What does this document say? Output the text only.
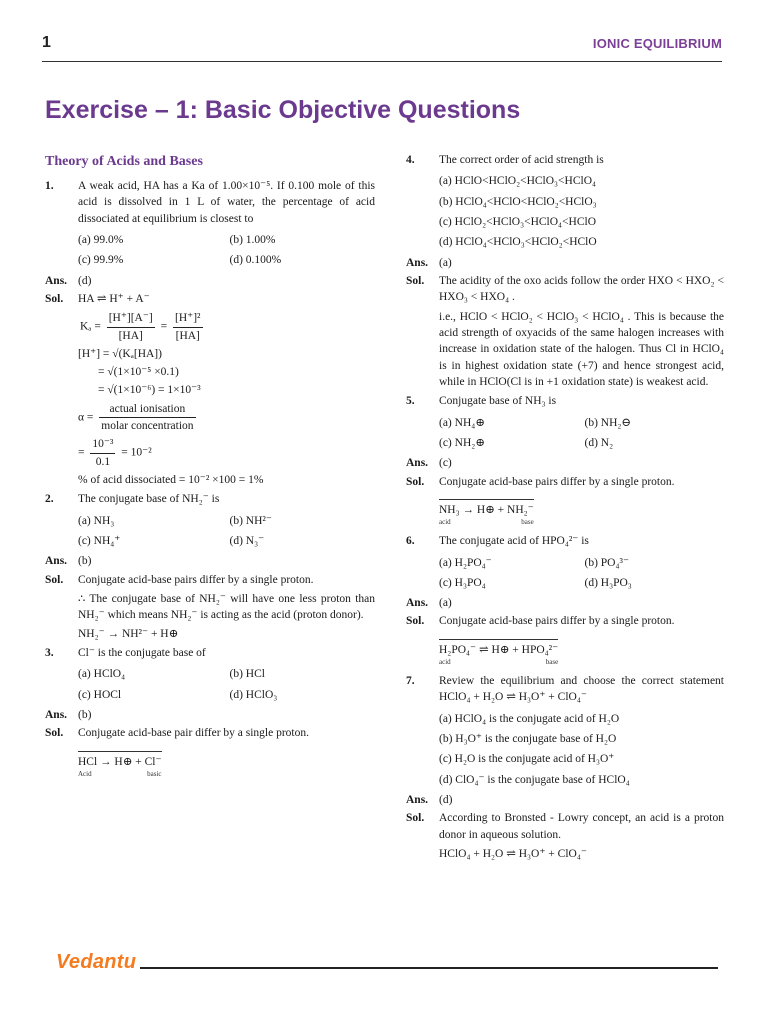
1	IONIC EQUILIBRIUM
Exercise – 1: Basic Objective Questions
Theory of Acids and Bases
1. A weak acid, HA has a Ka of 1.00×10⁻⁵. If 0.100 mole of this acid is dissolved in 1 L of water, the percentage of acid dissociated at equilibrium is closest to

(a) 99.0%	(b) 1.00%
(c) 99.9%	(d) 0.100%
Ans. (d)
Sol.	HA ⇌ H⁺ + A⁻
$K_a = \frac{[H^+][A^-]}{[HA]} = \frac{\text{[H⁺]²}}{[HA]}$
[H⁺] = √(Kₐ[HA])
= √(1×10⁻⁵ ×0.1)
= √(1×10⁻⁶) = 1×10⁻³
$\alpha = \frac{\text{actual ionisation}}{\text{molar concentration}}$
= $\frac{\text{10⁻³}}{0.1} = 10^{-2}$
% of acid dissociated = 10⁻² ×100 = 1%
2. The conjugate base of NH₂⁻ is

(a) NH₃	(b) NH²⁻
(c) NH₄⁺	(d) N₃⁻
Ans. (b)
Sol.	Conjugate acid-base pairs differ by a single proton.
∴ The conjugate base of NH₂⁻ will have one less proton than NH₂⁻ which means NH₂⁻ is acting as the acid (proton donor).
NH₂⁻ → NH²⁻ + H⊕
3. Cl⁻ is the conjugate base of

(a) HClO₄	(b) HCl
(c) HOCl	(d) HClO₃
Ans. (b)
Sol.	Conjugate acid-base pair differ by a single proton.
HCl → H⊕ + Cl⁻
Acid	basic
4. The correct order of acid strength is

(a) HClO<HClO₂<HClO₃<HClO₄
(b) HClO₄<HClO<HClO₂<HClO₃
(c) HClO₂<HClO₃<HClO₄<HClO
(d) HClO₄<HClO₃<HClO₂<HClO
Ans. (a)
Sol.	The acidity of the oxo acids follow the order HXO < HXO₂ < HXO₃ < HXO₄ .
i.e., HClO < HClO₂ < HClO₃ < HClO₄ . This is because the acid strength of oxyacids of the same halogen increases with increase in oxidation state of the halogen. Thus Cl in HClO₄ is in highest oxidation state (+7) and hence strongest acid, while in HClO(Cl is in +1 oxidation state) is weakest acid.
5. Conjugate base of NH₃ is

(a) NH₄⊕	(b) NH₂⊖
(c) NH₂⊕	(d) N₂
Ans. (c)
Sol.	Conjugate acid-base pairs differ by a single proton.
NH₃ → H⊕ + NH₂⁻
acid	base
6. The conjugate acid of HPO₄²⁻ is

(a) H₂PO₄⁻	(b) PO₄³⁻
(c) H₃PO₄	(d) H₃PO₃
Ans. (a)
Sol.	Conjugate acid-base pairs differ by a single proton.
H₂PO₄⁻ ⇌ H⊕ + HPO₄²⁻
acid	base
7. Review the equilibrium and choose the correct statement HClO₄ + H₂O ⇌ H₃O⁺ + ClO₄⁻

(a) HClO₄ is the conjugate acid of H₂O
(b) H₃O⁺ is the conjugate base of H₂O
(c) H₂O is the conjugate acid of H₃O⁺
(d) ClO₄⁻ is the conjugate base of HClO₄
Ans. (d)
Sol.	According to Bronsted - Lowry concept, an acid is a proton donor in aqueous solution.
HClO₄ + H₂O ⇌ H₃O⁺ + ClO₄⁻
Vedantu
